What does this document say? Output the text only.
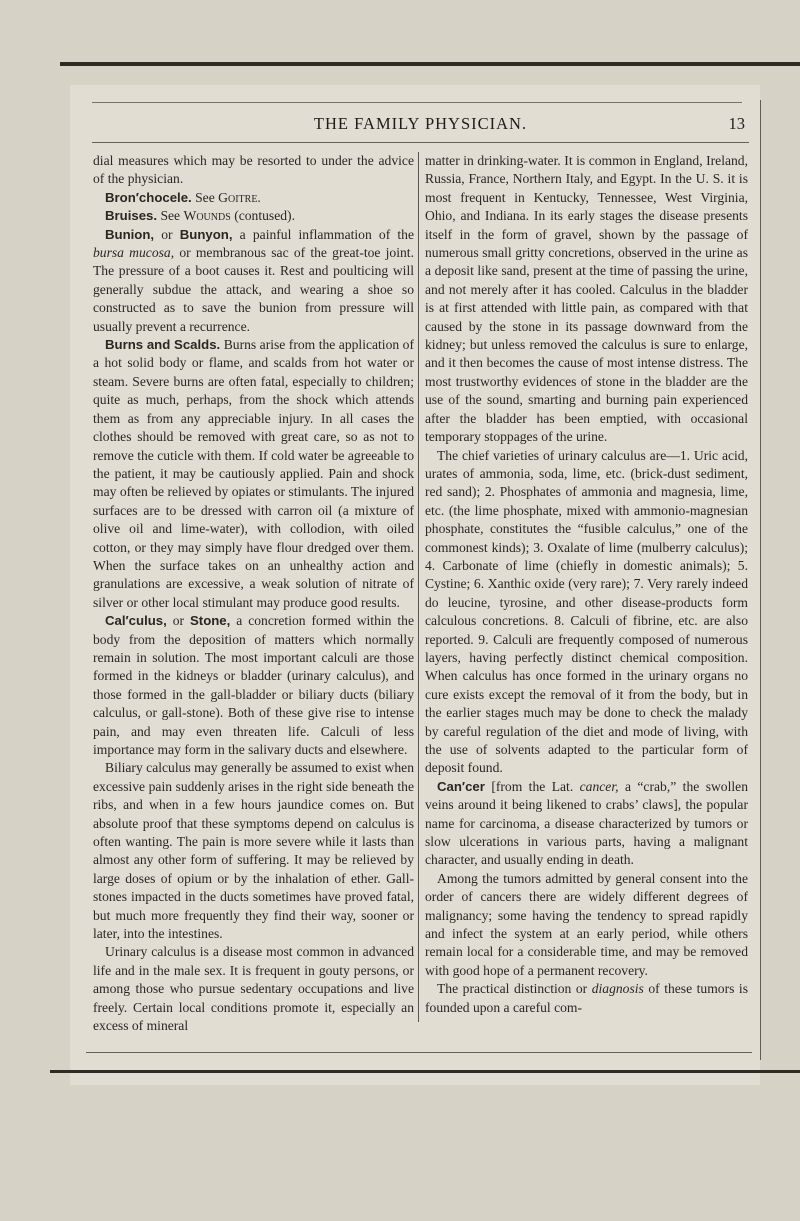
THE FAMILY PHYSICIAN.	13

dial measures which may be resorted to under the advice of the physician.

Bron′chocele. See Goitre.

Bruises. See Wounds (contused).

Bunion, or Bunyon, a painful inflammation of the bursa mucosa, or membranous sac of the great-toe joint. The pressure of a boot causes it. Rest and poulticing will generally subdue the attack, and wearing a shoe so constructed as to save the bunion from pressure will usually prevent a recurrence.

Burns and Scalds. Burns arise from the application of a hot solid body or flame, and scalds from hot water or steam. Severe burns are often fatal, especially to children; quite as much, perhaps, from the shock which attends them as from any appreciable injury. In all cases the clothes should be removed with great care, so as not to remove the cuticle with them. If cold water be agreeable to the patient, it may be cautiously applied. Pain and shock may often be relieved by opiates or stimulants. The injured surfaces are to be dressed with carron oil (a mixture of olive oil and lime-water), with collodion, with oiled cotton, or they may simply have flour dredged over them. When the surface takes on an unhealthy action and granulations are excessive, a weak solution of nitrate of silver or other local stimulant may produce good results.

Cal′culus, or Stone, a concretion formed within the body from the deposition of matters which normally remain in solution. The most important calculi are those formed in the kidneys or bladder (urinary calculus), and those formed in the gall-bladder or biliary ducts (biliary calculus, or gall-stone). Both of these give rise to intense pain, and may even threaten life. Calculi of less importance may form in the salivary ducts and elsewhere.

Biliary calculus may generally be assumed to exist when excessive pain suddenly arises in the right side beneath the ribs, and when in a few hours jaundice comes on. But absolute proof that these symptoms depend on calculus is often wanting. The pain is more severe while it lasts than almost any other form of suffering. It may be relieved by large doses of opium or by the inhalation of ether. Gall-stones impacted in the ducts sometimes have proved fatal, but much more frequently they find their way, sooner or later, into the intestines.

Urinary calculus is a disease most common in advanced life and in the male sex. It is frequent in gouty persons, or among those who pursue sedentary occupations and live freely. Certain local conditions promote it, especially an excess of mineral

matter in drinking-water. It is common in England, Ireland, Russia, France, Northern Italy, and Egypt. In the U. S. it is most frequent in Kentucky, Tennessee, West Virginia, Ohio, and Indiana. In its early stages the disease presents itself in the form of gravel, shown by the passage of numerous small gritty concretions, observed in the urine as a deposit like sand, present at the time of passing the urine, and not merely after it has cooled. Calculus in the bladder is at first attended with little pain, as compared with that caused by the stone in its passage downward from the kidney; but unless removed the calculus is sure to enlarge, and it then becomes the cause of most intense distress. The most trustworthy evidences of stone in the bladder are the use of the sound, smarting and burning pain experienced after the bladder has been emptied, with occasional temporary stoppages of the urine.

The chief varieties of urinary calculus are—1. Uric acid, urates of ammonia, soda, lime, etc. (brick-dust sediment, red sand); 2. Phosphates of ammonia and magnesia, lime, etc. (the lime phosphate, mixed with ammonio-magnesian phosphate, constitutes the “fusible calculus,” one of the commonest kinds); 3. Oxalate of lime (mulberry calculus); 4. Carbonate of lime (chiefly in domestic animals); 5. Cystine; 6. Xanthic oxide (very rare); 7. Very rarely indeed do leucine, tyrosine, and other disease-products form calculous concretions. 8. Calculi of fibrine, etc. are also reported. 9. Calculi are frequently composed of numerous layers, having perfectly distinct chemical composition. When calculus has once formed in the urinary organs no cure exists except the removal of it from the body, but in the earlier stages much may be done to check the malady by careful regulation of the diet and mode of living, with the use of solvents adapted to the particular form of deposit found.

Can′cer [from the Lat. cancer, a “crab,” the swollen veins around it being likened to crabs’ claws], the popular name for carcinoma, a disease characterized by tumors or slow ulcerations in various parts, having a malignant character, and usually ending in death.

Among the tumors admitted by general consent into the order of cancers there are widely different degrees of malignancy; some having the tendency to spread rapidly and infect the system at an early period, while others remain local for a considerable time, and may be removed with good hope of a permanent recovery.

The practical distinction or diagnosis of these tumors is founded upon a careful com-
